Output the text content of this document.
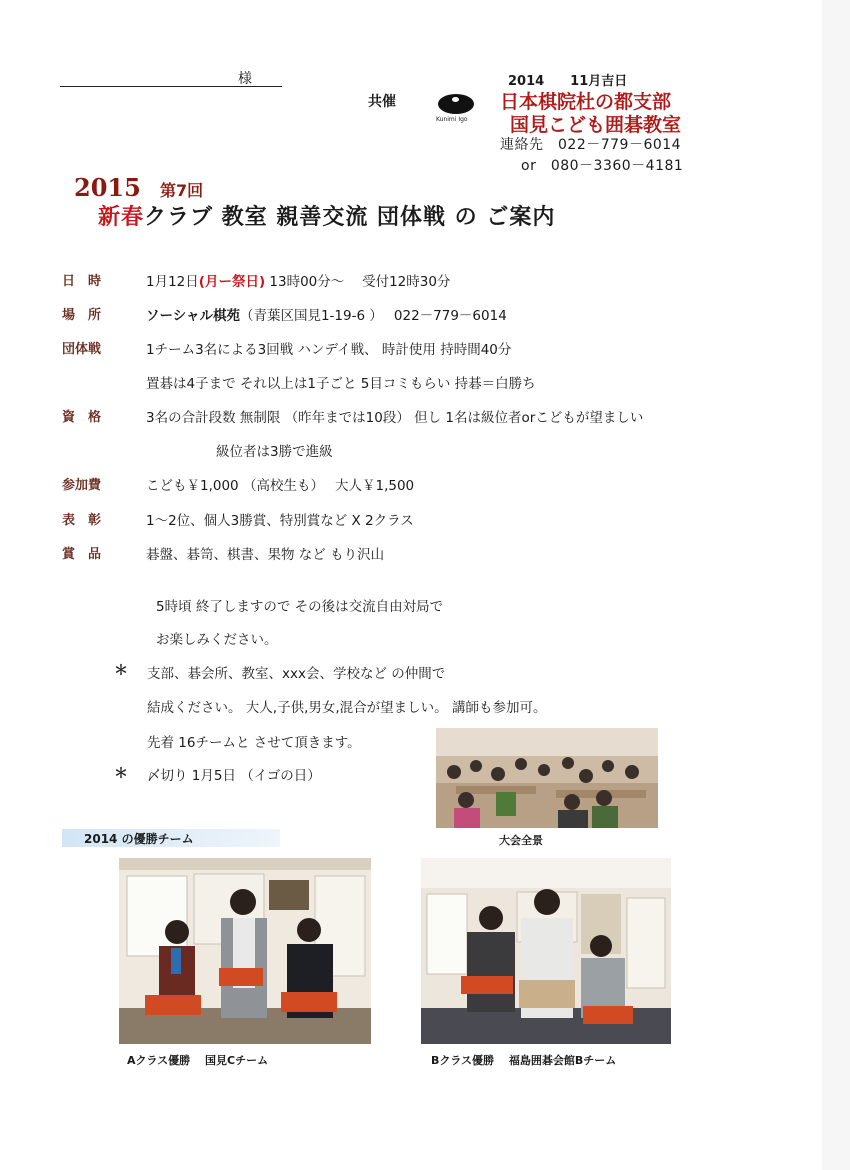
様
共催
Kunimi Igo
2014　　11月吉日
日本棋院杜の都支部
国見こども囲碁教室
連絡先　022－779－6014
or　080－3360－4181
2015 第7回
新春クラブ 教室 親善交流 団体戦 の ご案内
日　時	1月12日(月ー祭日) 13時00分～　 受付12時30分
場　所	ソーシャル棋苑（青葉区国見1-19-6 ）　 022－779－6014
団体戦	1チーム3名による3回戦 ハンデイ戦、 時計使用 持時間40分
置碁は4子まで それ以上は1子ごと 5目コミもらい 持碁＝白勝ち
資　格	3名の合計段数 無制限 （昨年までは10段） 但し 1名は級位者orこどもが望ましい
級位者は3勝で進級
参加費	こども￥1,000 （高校生も）　 大人￥1,500
表　彰	1～2位、個人3勝賞、特別賞など X 2クラス
賞　品	碁盤、碁笥、棋書、果物 など もり沢山
5時頃 終了しますので その後は交流自由対局で
お楽しみください。
＊ 支部、碁会所、教室、xxx会、学校など の仲間で
結成ください。 大人,子供,男女,混合が望ましい。 講師も参加可。
先着 16チームと させて頂きます。
＊ 〆切り 1月5日 （イゴの日）
大会全景
2014 の優勝チーム
Aクラス優勝　 国見Cチーム	Bクラス優勝　 福島囲碁会館Bチーム
